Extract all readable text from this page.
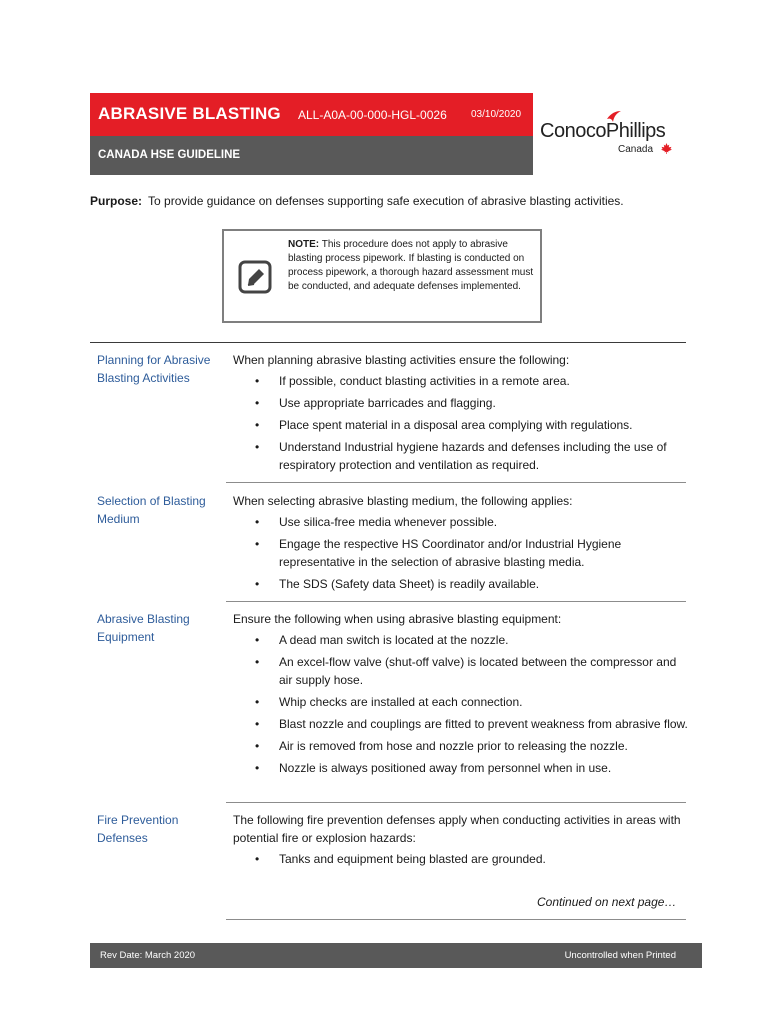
ABRASIVE BLASTING ALL-A0A-00-000-HGL-0026 03/10/2020
CANADA HSE GUIDELINE
ConocoPhillips
Canada
Purpose: To provide guidance on defenses supporting safe execution of abrasive blasting activities.
NOTE: This procedure does not apply to abrasive blasting process pipework. If blasting is conducted on process pipework, a thorough hazard assessment must be conducted, and adequate defenses implemented.
Planning for Abrasive Blasting Activities

When planning abrasive blasting activities ensure the following:

• If possible, conduct blasting activities in a remote area.
• Use appropriate barricades and flagging.
• Place spent material in a disposal area complying with regulations.
• Understand Industrial hygiene hazards and defenses including the use of respiratory protection and ventilation as required.
Selection of Blasting Medium

When selecting abrasive blasting medium, the following applies:

• Use silica-free media whenever possible.
• Engage the respective HS Coordinator and/or Industrial Hygiene representative in the selection of abrasive blasting media.
• The SDS (Safety data Sheet) is readily available.
Abrasive Blasting Equipment

Ensure the following when using abrasive blasting equipment:

• A dead man switch is located at the nozzle.
• An excel-flow valve (shut-off valve) is located between the compressor and air supply hose.
• Whip checks are installed at each connection.
• Blast nozzle and couplings are fitted to prevent weakness from abrasive flow.
• Air is removed from hose and nozzle prior to releasing the nozzle.
• Nozzle is always positioned away from personnel when in use.
Fire Prevention Defenses

The following fire prevention defenses apply when conducting activities in areas with potential fire or explosion hazards:

• Tanks and equipment being blasted are grounded.
Continued on next page…
Rev Date: March 2020	Uncontrolled when Printed
